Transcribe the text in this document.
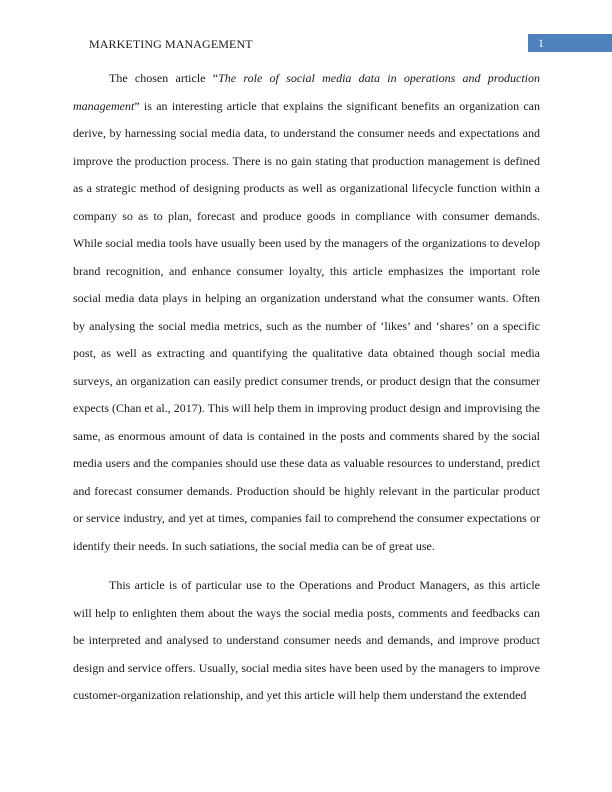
MARKETING MANAGEMENT	1

The chosen article “The role of social media data in operations and production management” is an interesting article that explains the significant benefits an organization can derive, by harnessing social media data, to understand the consumer needs and expectations and improve the production process. There is no gain stating that production management is defined as a strategic method of designing products as well as organizational lifecycle function within a company so as to plan, forecast and produce goods in compliance with consumer demands. While social media tools have usually been used by the managers of the organizations to develop brand recognition, and enhance consumer loyalty, this article emphasizes the important role social media data plays in helping an organization understand what the consumer wants. Often by analysing the social media metrics, such as the number of ‘likes’ and ‘shares’ on a specific post, as well as extracting and quantifying the qualitative data obtained though social media surveys, an organization can easily predict consumer trends, or product design that the consumer expects (Chan et al., 2017). This will help them in improving product design and improvising the same, as enormous amount of data is contained in the posts and comments shared by the social media users and the companies should use these data as valuable resources to understand, predict and forecast consumer demands. Production should be highly relevant in the particular product or service industry, and yet at times, companies fail to comprehend the consumer expectations or identify their needs. In such satiations, the social media can be of great use.

This article is of particular use to the Operations and Product Managers, as this article will help to enlighten them about the ways the social media posts, comments and feedbacks can be interpreted and analysed to understand consumer needs and demands, and improve product design and service offers. Usually, social media sites have been used by the managers to improve customer-organization relationship, and yet this article will help them understand the extended
